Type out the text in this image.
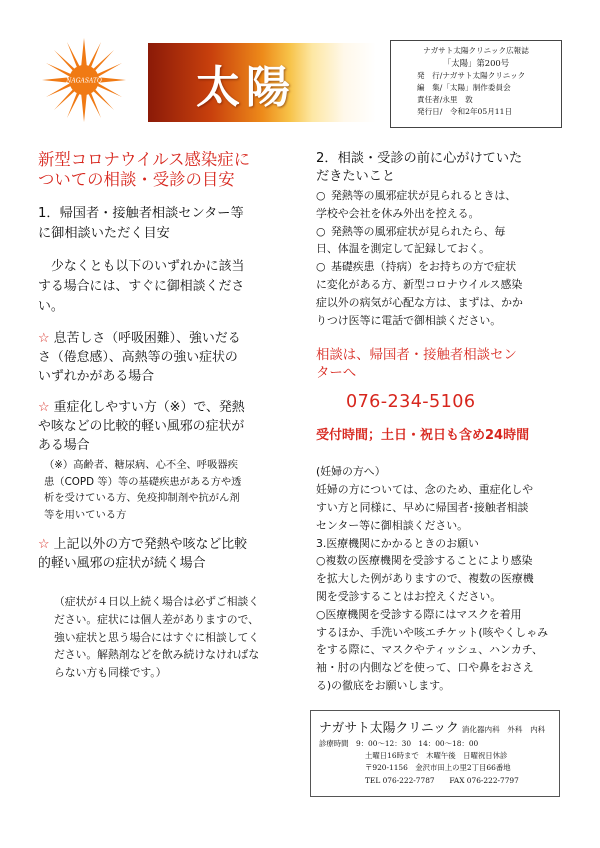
NAGASATO 太陽
ナガサト太陽クリニック広報誌
「太陽」第200号
発　行/ナガサト太陽クリニック
編　集/「太陽」制作委員会
責任者/永里　敦
発行日/　令和2年05月11日
新型コロナウイルス感染症に
ついての相談・受診の目安
1．帰国者・接触者相談センター等
に御相談いただく目安
少なくとも以下のいずれかに該当
する場合には、すぐに御相談くださ
い。
☆ 息苦しさ（呼吸困難）、強いだる
さ（倦怠感）、高熱等の強い症状の
いずれかがある場合
☆ 重症化しやすい方（※）で、発熱
や咳などの比較的軽い風邪の症状が
ある場合
（※）高齢者、糖尿病、心不全、呼吸器疾
患（COPD 等）等の基礎疾患がある方や透
析を受けている方、免疫抑制剤や抗がん剤
等を用いている方
☆ 上記以外の方で発熱や咳など比較
的軽い風邪の症状が続く場合
（症状が４日以上続く場合は必ずご相談く
ださい。症状には個人差がありますので、
強い症状と思う場合にはすぐに相談してく
ださい。解熱剤などを飲み続けなければな
らない方も同様です。）
2．相談・受診の前に心がけていた
だきたいこと
○ 発熱等の風邪症状が見られるときは、
学校や会社を休み外出を控える。
○ 発熱等の風邪症状が見られたら、毎
日、体温を測定して記録しておく。
○ 基礎疾患（持病）をお持ちの方で症状
に変化がある方、新型コロナウイルス感染
症以外の病気が心配な方は、まずは、かか
りつけ医等に電話で御相談ください。
相談は、帰国者・接触者相談セン
ターへ
076-234-5106
受付時間；土日・祝日も含め24時間
(妊婦の方へ）
妊婦の方については、念のため、重症化しや
すい方と同様に、早めに帰国者･接触者相談
センター等に御相談ください。
3.医療機関にかかるときのお願い
○複数の医療機関を受診することにより感染
を拡大した例がありますので、複数の医療機
関を受診することはお控えください。
○医療機関を受診する際にはマスクを着用
するほか、手洗いや咳エチケット(咳やくしゃみ
をする際に、マスクやティッシュ、ハンカチ、
袖・肘の内側などを使って、口や鼻をおさえ
る)の徹底をお願いします。
ナガサト太陽クリニック 消化器内科　外科　内科
診療時間　9：00～12：30　14：00～18：00
土曜日16時まで　木曜午後　日曜祝日休診
〒920-1156　金沢市田上の里2丁目66番地
TEL 076-222-7787　　FAX 076-222-7797
